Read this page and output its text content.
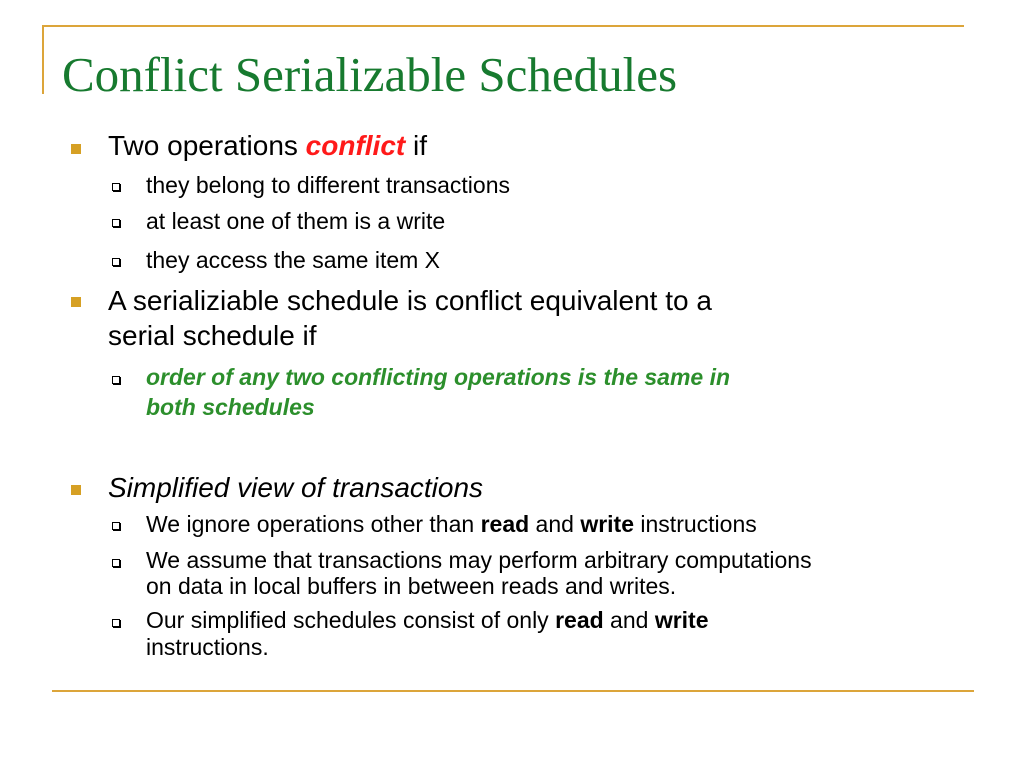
Conflict Serializable Schedules
Two operations conflict if
they belong to different transactions
at least one of them is a write
they access the same item X
A serializiable schedule is conflict equivalent to a
serial schedule if
order of any two conflicting operations is the same in
both schedules
Simplified view of transactions
We ignore operations other than read and write instructions
We assume that transactions may perform arbitrary computations
on data in local buffers in between reads and writes.
Our simplified schedules consist of only read and write
instructions.
